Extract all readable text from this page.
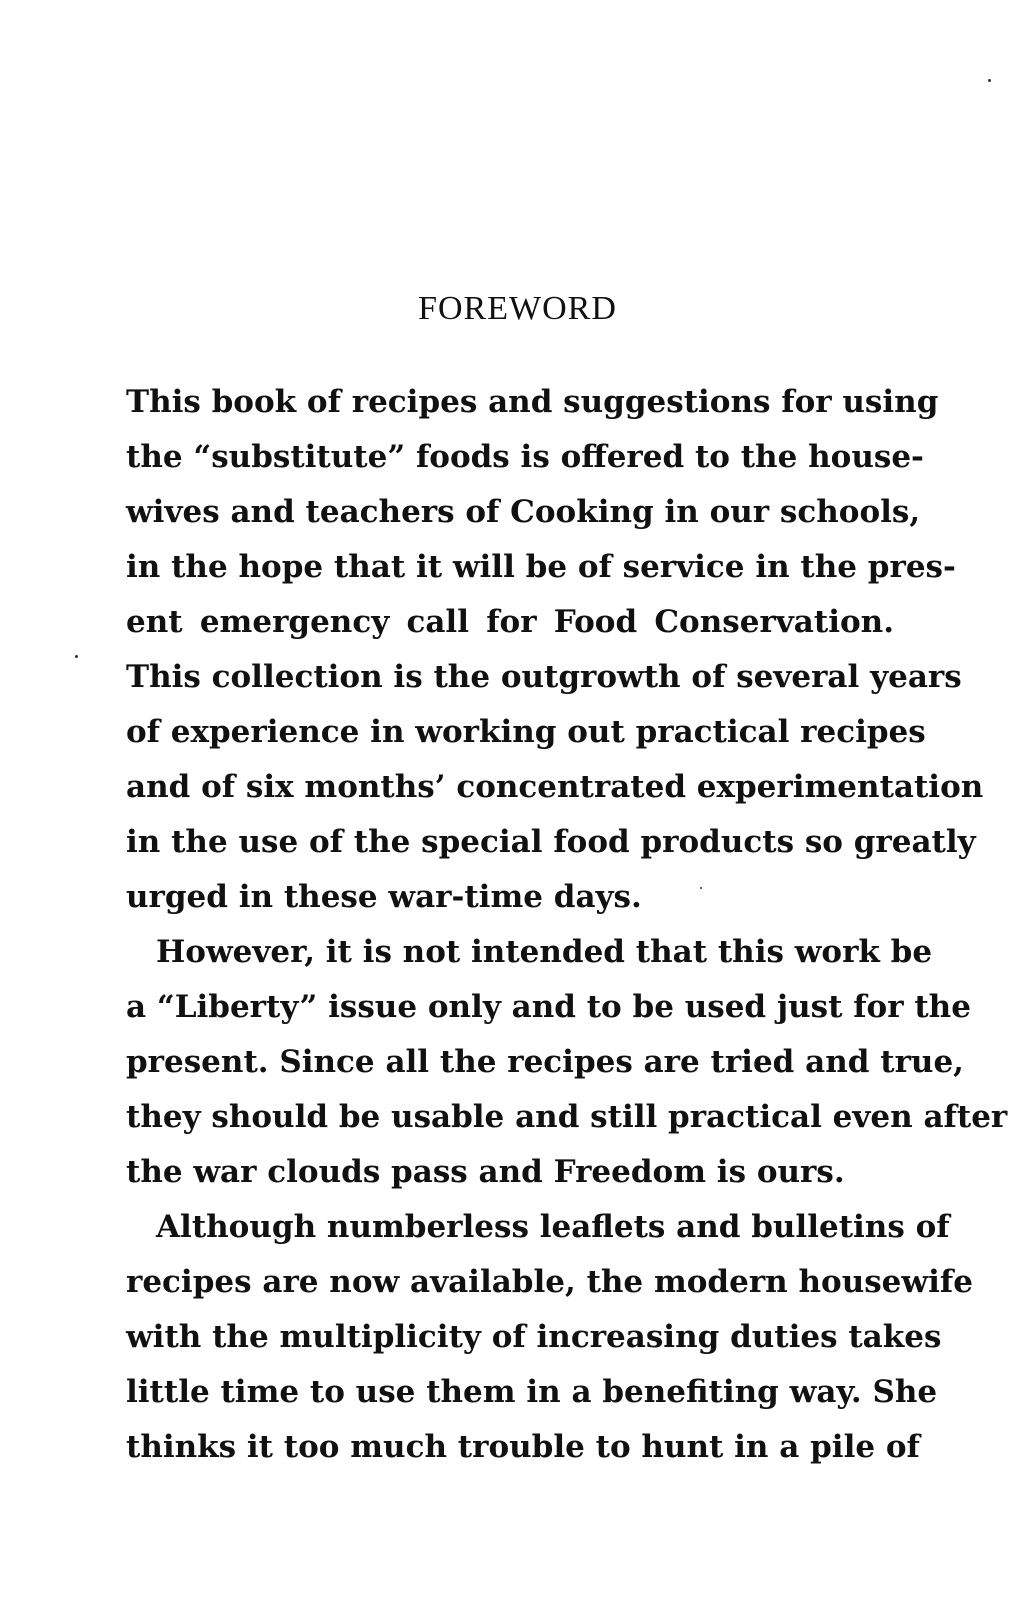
FOREWORD
This book of recipes and suggestions for using
the “substitute” foods is offered to the house-
wives and teachers of Cooking in our schools,
in the hope that it will be of service in the pres-
ent emergency call for Food Conservation.
This collection is the outgrowth of several years
of experience in working out practical recipes
and of six months’ concentrated experimentation
in the use of the special food products so greatly
urged in these war-time days.
However, it is not intended that this work be
a “Liberty” issue only and to be used just for the
present. Since all the recipes are tried and true,
they should be usable and still practical even after
the war clouds pass and Freedom is ours.
Although numberless leaflets and bulletins of
recipes are now available, the modern housewife
with the multiplicity of increasing duties takes
little time to use them in a benefiting way. She
thinks it too much trouble to hunt in a pile of
